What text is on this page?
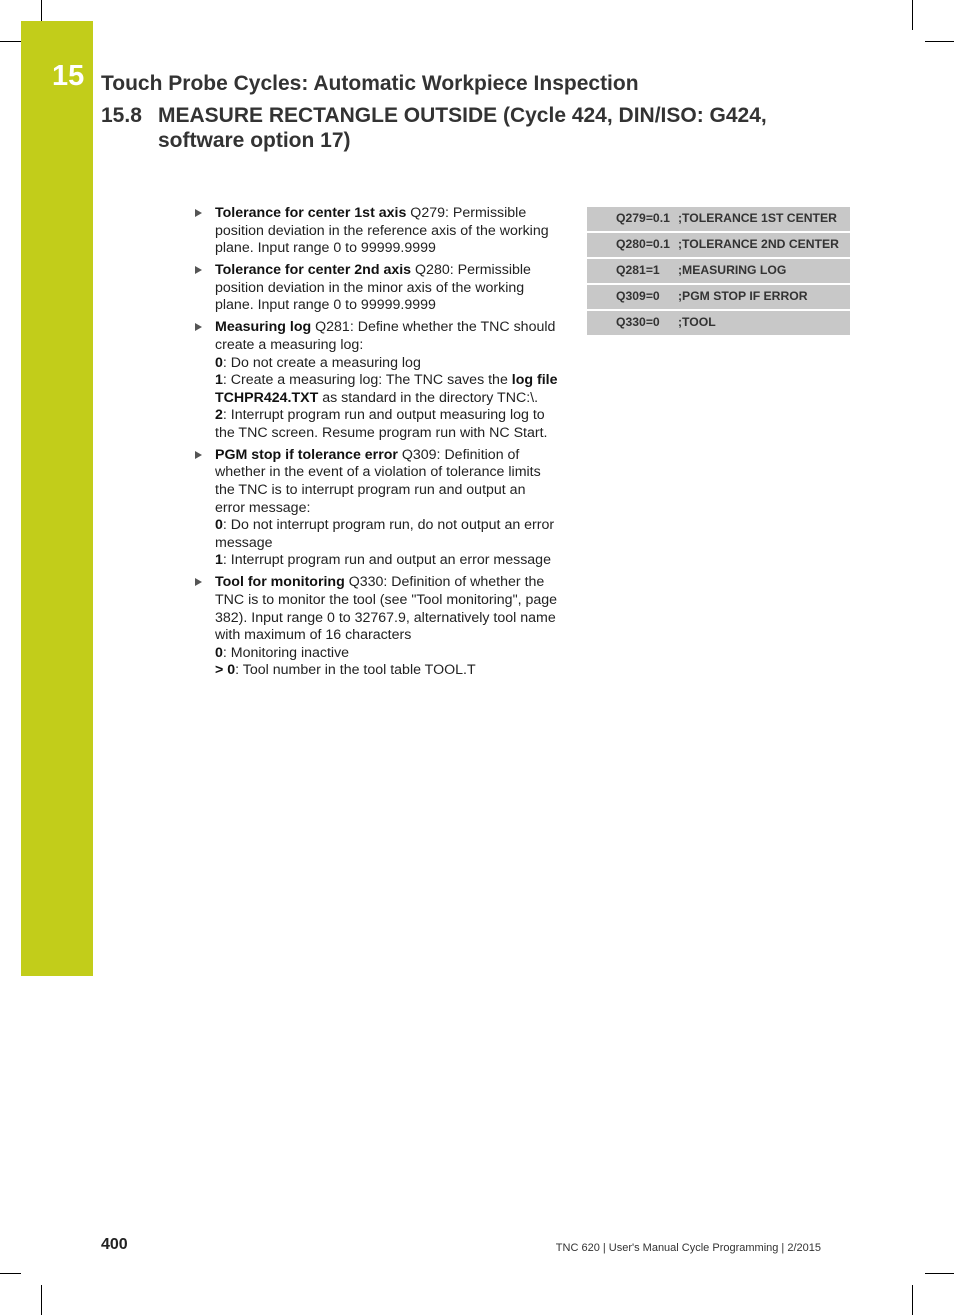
15 Touch Probe Cycles: Automatic Workpiece Inspection
15.8 MEASURE RECTANGLE OUTSIDE (Cycle 424, DIN/ISO: G424,
software option 17)
Tolerance for center 1st axis Q279: Permissible position deviation in the reference axis of the working plane. Input range 0 to 99999.9999
Tolerance for center 2nd axis Q280: Permissible position deviation in the minor axis of the working plane. Input range 0 to 99999.9999
Measuring log Q281: Define whether the TNC should create a measuring log:
0: Do not create a measuring log
1: Create a measuring log: The TNC saves the log file TCHPR424.TXT as standard in the directory TNC:\.
2: Interrupt program run and output measuring log to the TNC screen. Resume program run with NC Start.
PGM stop if tolerance error Q309: Definition of whether in the event of a violation of tolerance limits the TNC is to interrupt program run and output an error message:
0: Do not interrupt program run, do not output an error message
1: Interrupt program run and output an error message
Tool for monitoring Q330: Definition of whether the TNC is to monitor the tool (see "Tool monitoring", page 382). Input range 0 to 32767.9, alternatively tool name with maximum of 16 characters
0: Monitoring inactive
> 0: Tool number in the tool table TOOL.T
Q279=0.1	;TOLERANCE 1ST CENTER
Q280=0.1	;TOLERANCE 2ND CENTER
Q281=1	;MEASURING LOG
Q309=0	;PGM STOP IF ERROR
Q330=0	;TOOL
400	TNC 620 | User's Manual Cycle Programming | 2/2015
